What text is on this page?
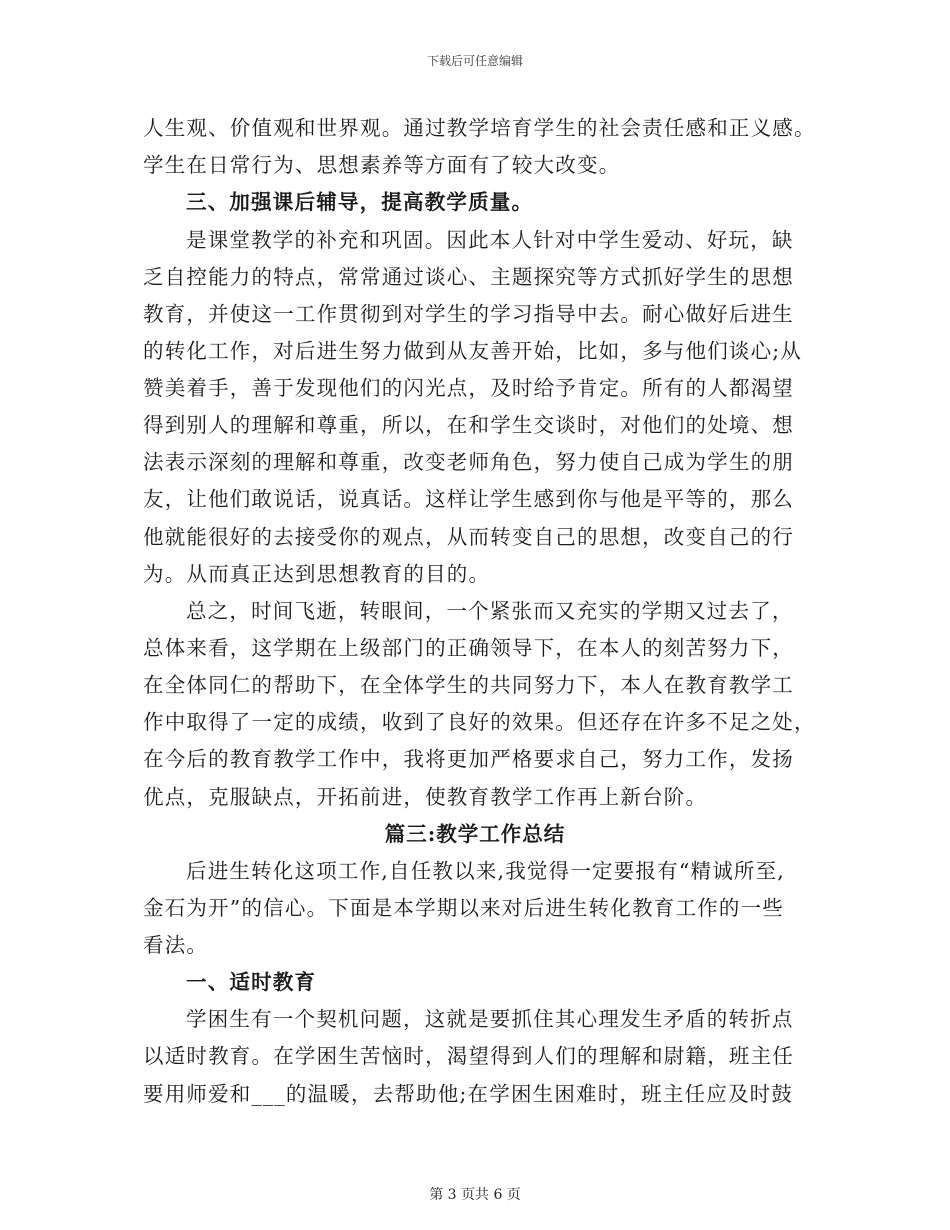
下载后可任意编辑
人生观、价值观和世界观。通过教学培育学生的社会责任感和正义感。
学生在日常行为、思想素养等方面有了较大改变。
三、加强课后辅导，提高教学质量。
是课堂教学的补充和巩固。因此本人针对中学生爱动、好玩，缺
乏自控能力的特点，常常通过谈心、主题探究等方式抓好学生的思想
教育，并使这一工作贯彻到对学生的学习指导中去。耐心做好后进生
的转化工作，对后进生努力做到从友善开始，比如，多与他们谈心;从
赞美着手，善于发现他们的闪光点，及时给予肯定。所有的人都渴望
得到别人的理解和尊重，所以，在和学生交谈时，对他们的处境、想
法表示深刻的理解和尊重，改变老师角色，努力使自己成为学生的朋
友，让他们敢说话，说真话。这样让学生感到你与他是平等的，那么
他就能很好的去接受你的观点，从而转变自己的思想，改变自己的行
为。从而真正达到思想教育的目的。
总之，时间飞逝，转眼间，一个紧张而又充实的学期又过去了，
总体来看，这学期在上级部门的正确领导下，在本人的刻苦努力下，
在全体同仁的帮助下，在全体学生的共同努力下，本人在教育教学工
作中取得了一定的成绩，收到了良好的效果。但还存在许多不足之处，
在今后的教育教学工作中，我将更加严格要求自己，努力工作，发扬
优点，克服缺点，开拓前进，使教育教学工作再上新台阶。
篇三:教学工作总结
后进生转化这项工作,自任教以来,我觉得一定要报有“精诚所至,
金石为开”的信心。下面是本学期以来对后进生转化教育工作的一些
看法。
一、适时教育
学困生有一个契机问题，这就是要抓住其心理发生矛盾的转折点
以适时教育。在学困生苦恼时，渴望得到人们的理解和尉籍，班主任
要用师爱和___的温暖，去帮助他;在学困生困难时，班主任应及时鼓
第 3 页共 6 页
